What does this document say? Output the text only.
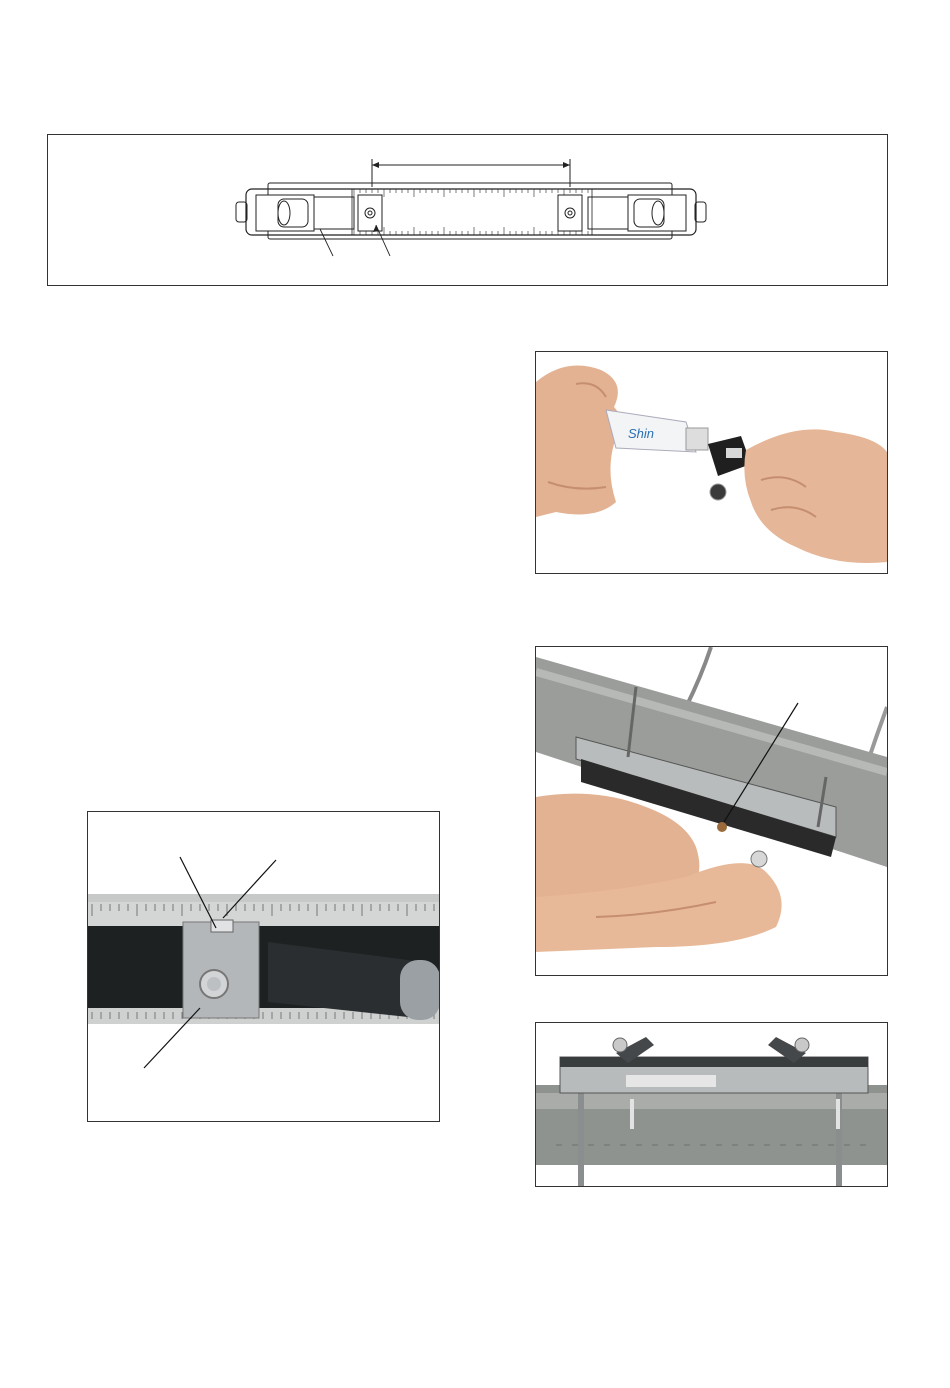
Shin
